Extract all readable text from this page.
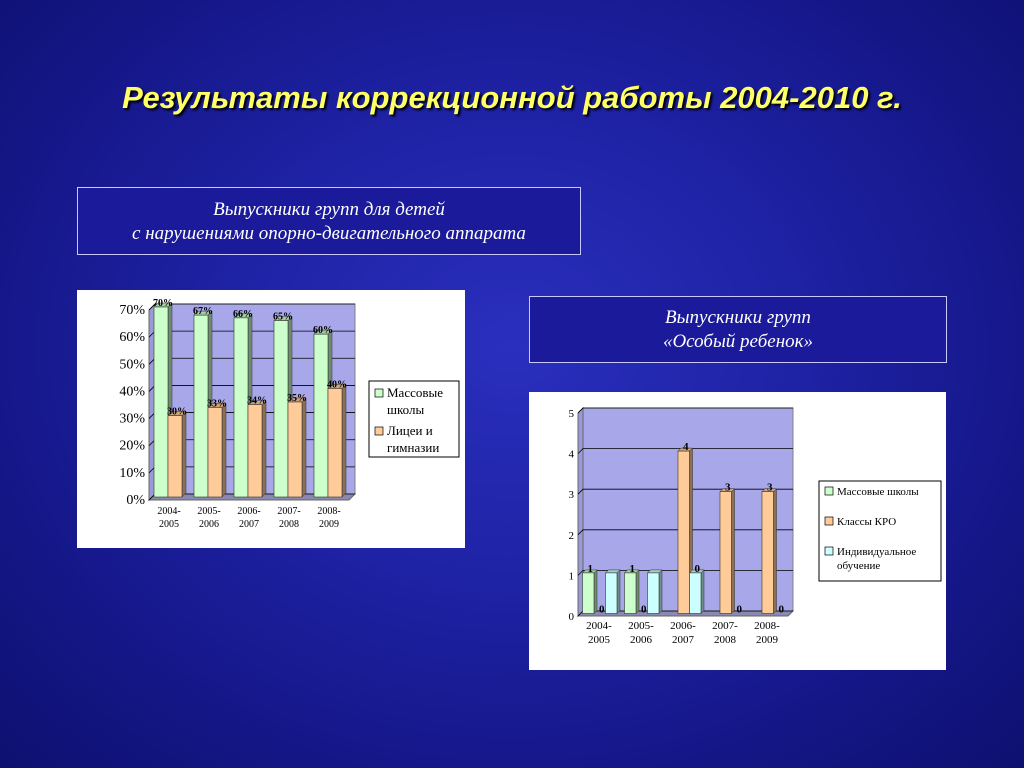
Результаты коррекционной работы 2004-2010 г.
Выпускники групп для детей
с нарушениями опорно-двигательного аппарата
Выпускники групп
«Особый ребенок»
0%
10%
20%
30%
40%
50%
60%
70% 70%
67% 66% 65%
60%
30%
33% 34% 35%
40%
2004-
2005
2005-
2006
2006-
2007
2007-
2008
2008-
2009
Массовые
школы
Лицеи и
гимназии
0
1
2
3
4
5
1	1
0	0
4
3	3
0
0	0
2004-
2005
2005-
2006
2006-
2007
2007-
2008
2008-
2009
Массовые школы
Классы КРО
Индивидуальное
обучение
